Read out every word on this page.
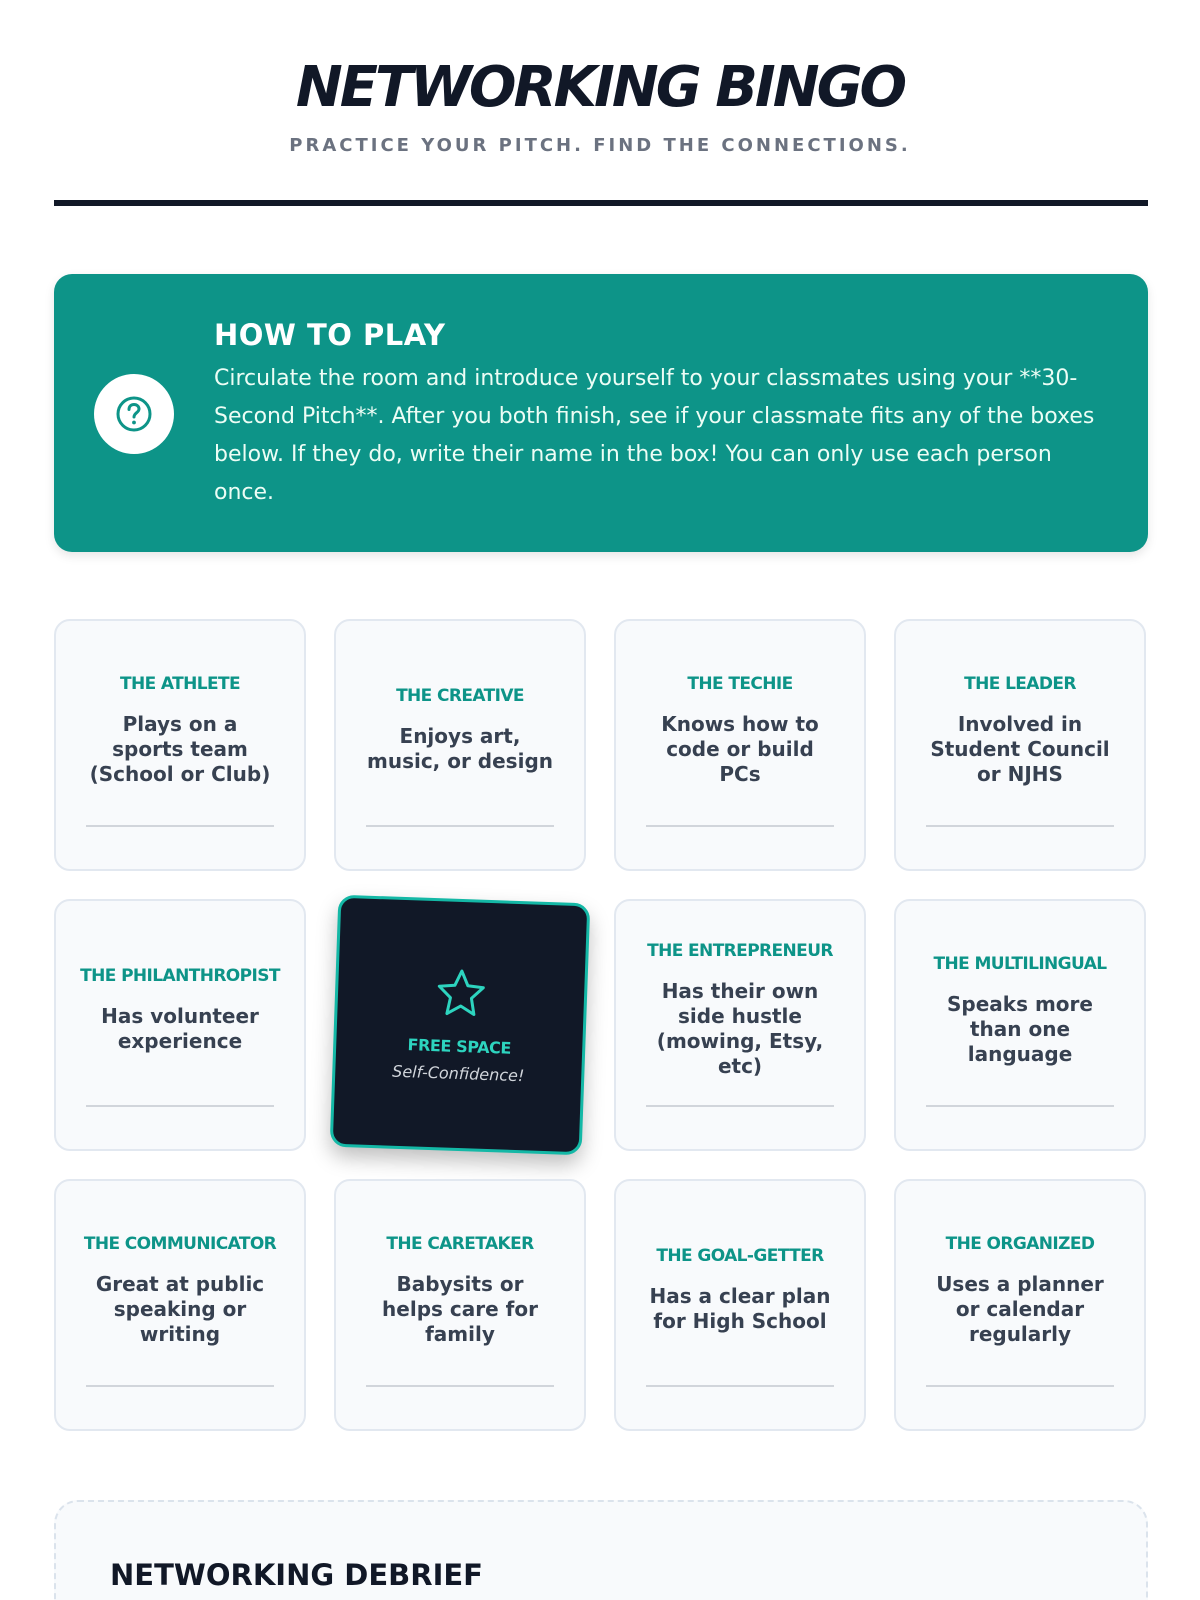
NETWORKING BINGO
PRACTICE YOUR PITCH. FIND THE CONNECTIONS.
HOW TO PLAY

Circulate the room and introduce yourself to your classmates using your **30-Second Pitch**. After you both finish, see if your classmate fits any of the boxes below. If they do, write their name in the box! You can only use each person once.

THE ATHLETE
Plays on a sports team (School or Club)
THE CREATIVE
Enjoys art, music, or design
THE TECHIE
Knows how to code or build PCs
THE LEADER
Involved in Student Council or NJHS
THE PHILANTHROPIST
Has volunteer experience	FREE SPACE
Self-Confidence!
THE ENTREPRENEUR
Has their own side hustle (mowing, Etsy, etc)
THE MULTILINGUAL
Speaks more than one language
THE COMMUNICATOR
Great at public speaking or writing
THE CARETAKER
Babysits or helps care for family
THE GOAL-GETTER
Has a clear plan for High School
THE ORGANIZED
Uses a planner or calendar regularly
NETWORKING DEBRIEF
